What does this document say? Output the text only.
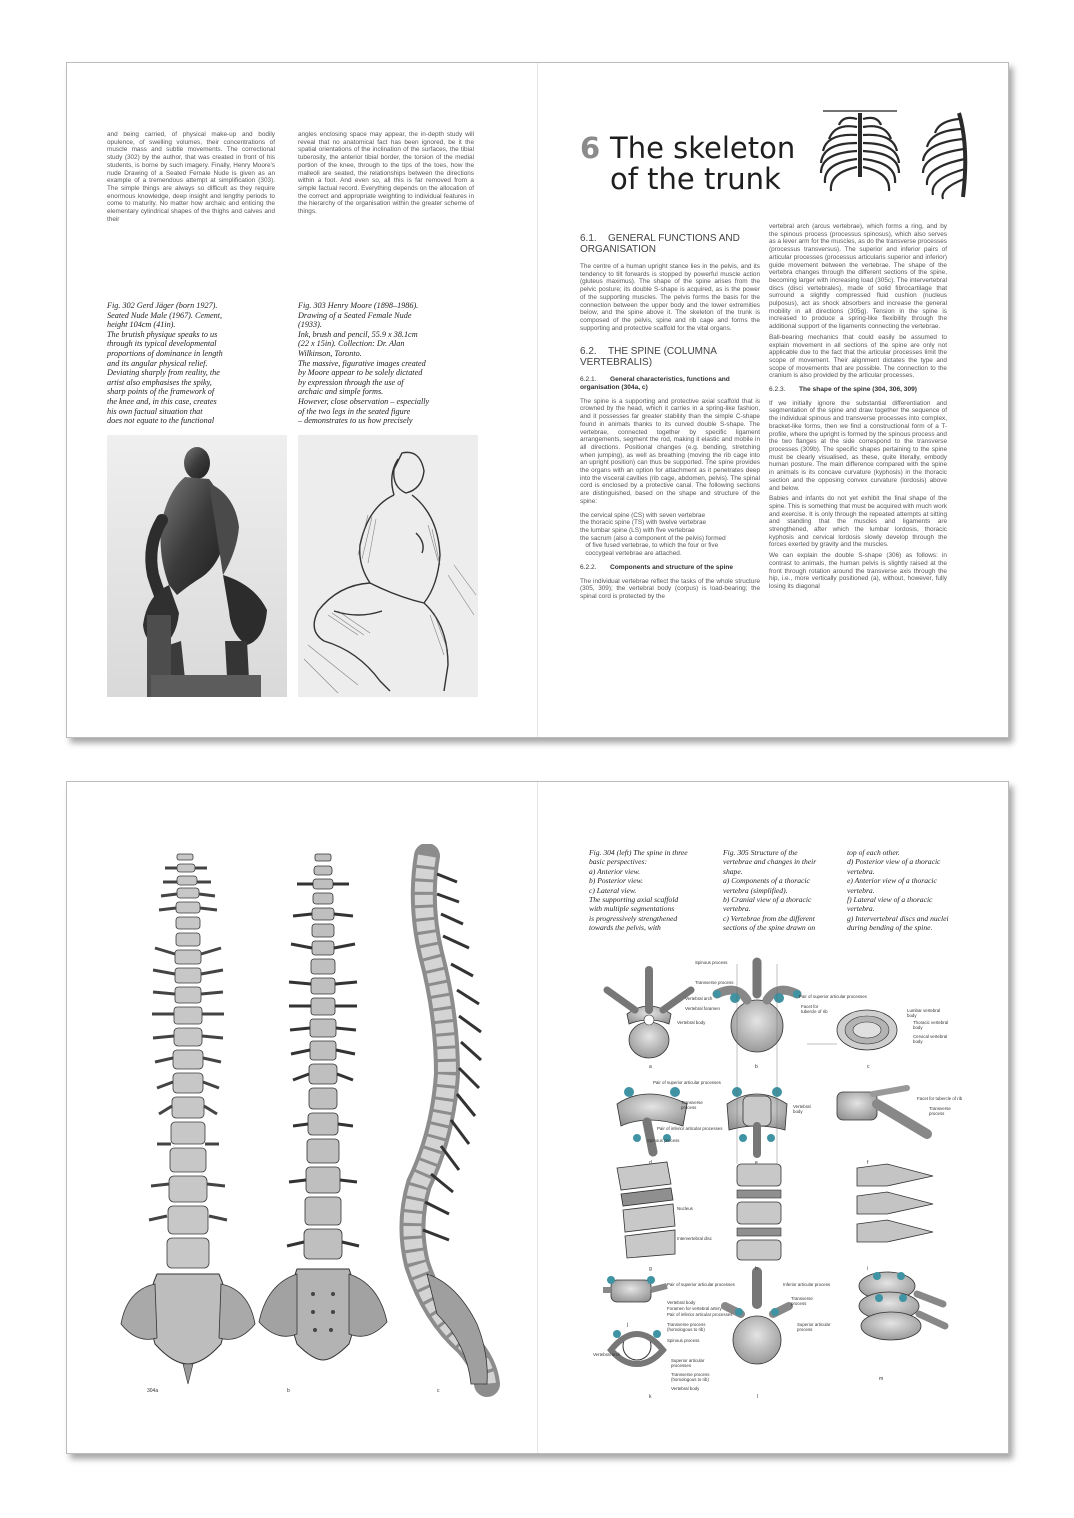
and being carried, of physical make-up and bodily opulence, of swelling volumes, their concentrations of muscle mass and subtle movements. The correctional study (302) by the author, that was created in front of his students, is borne by such imagery. Finally, Henry Moore's nude Drawing of a Seated Female Nude is given as an example of a tremendous attempt at simplification (303). The simple things are always so difficult as they require enormous knowledge, deep insight and lengthy periods to come to maturity. No matter how archaic and enticing the elementary cylindrical shapes of the thighs and calves and their

angles enclosing space may appear, the in-depth study will reveal that no anatomical fact has been ignored, be it the spatial orientations of the inclination of the surfaces, the tibial tuberosity, the anterior tibial border, the torsion of the medial portion of the knee, through to the tips of the toes, how the malleoli are seated, the relationships between the directions within a foot. And even so, all this is far removed from a simple factual record. Everything depends on the allocation of the correct and appropriate weighting to individual features in the hierarchy of the organisation within the greater scheme of things.

Fig. 302 Gerd Jäger (born 1927).
Seated Nude Male (1967). Cement,
height 104cm (41in).
The brutish physique speaks to us
through its typical developmental
proportions of dominance in length
and its angular physical relief.
Deviating sharply from reality, the
artist also emphasises the spiky,
sharp points of the framework of
the knee and, in this case, creates
his own factual situation that
does not equate to the functional
Fig. 303 Henry Moore (1898–1986).
Drawing of a Seated Female Nude
(1933).
Ink, brush and pencil, 55.9 x 38.1cm
(22 x 15in). Collection: Dr. Alan
Wilkinson, Toronto.
The massive, figurative images created
by Moore appear to be solely dictated
by expression through the use of
archaic and simple forms.
However, close observation – especially
of the two legs in the seated figure
– demonstrates to us how precisely
6 The skeleton
of the trunk
6.1. GENERAL FUNCTIONS AND ORGANISATION

The centre of a human upright stance lies in the pelvis, and its tendency to tilt forwards is stopped by powerful muscle action (gluteus maximus). The shape of the spine arises from the pelvic posture; its double S-shape is acquired, as is the power of the supporting muscles. The pelvis forms the basis for the connection between the upper body and the lower extremities below, and the spine above it. The skeleton of the trunk is composed of the pelvis, spine and rib cage and forms the supporting and protective scaffold for the vital organs.

6.2. THE SPINE (COLUMNA VERTEBRALIS)
6.2.1. General characteristics, functions and organisation (304a, c)

The spine is a supporting and protective axial scaffold that is crowned by the head, which it carries in a spring-like fashion, and it possesses far greater stability than the simple C-shape found in animals thanks to its curved double S-shape. The vertebrae, connected together by specific ligament arrangements, segment the rod, making it elastic and mobile in all directions. Positional changes (e.g. bending, stretching when jumping), as well as breathing (moving the rib cage into an upright position) can thus be supported. The spine provides the organs with an option for attachment as it penetrates deep into the visceral cavities (rib cage, abdomen, pelvis). The spinal cord is enclosed by a protective canal. The following sections are distinguished, based on the shape and structure of the spine:

the cervical spine (CS) with seven vertebrae

the thoracic spine (TS) with twelve vertebrae

the lumbar spine (LS) with five vertebrae

the sacrum (also a component of the pelvis) formed

of five fused vertebrae, to which the four or five

coccygeal vertebrae are attached.

6.2.2. Components and structure of the spine

The individual vertebrae reflect the tasks of the whole structure (305, 309); the vertebral body (corpus) is load-bearing; the spinal cord is protected by the

vertebral arch (arcus vertebrae), which forms a ring, and by the spinous process (processus spinosus), which also serves as a lever arm for the muscles, as do the transverse processes (processus transversus). The superior and inferior pairs of articular processes (processus articularis superior and inferior) guide movement between the vertebrae. The shape of the vertebra changes through the different sections of the spine, becoming larger with increasing load (305c). The intervertebral discs (disci vertebrales), made of solid fibrocartilage that surround a slightly compressed fluid cushion (nucleus pulposus), act as shock absorbers and increase the general mobility in all directions (305g). Tension in the spine is increased to produce a spring-like flexibility through the additional support of the ligaments connecting the vertebrae.

Ball-bearing mechanics that could easily be assumed to explain movement in all sections of the spine are only not applicable due to the fact that the articular processes limit the scope of movement. Their alignment dictates the type and scope of movements that are possible. The connection to the cranium is also provided by the articular processes.

6.2.3. The shape of the spine (304, 306, 309)

If we initially ignore the substantial differentiation and segmentation of the spine and draw together the sequence of the individual spinous and transverse processes into complex, bracket-like forms, then we find a constructional form of a T-profile, where the upright is formed by the spinous process and the two flanges at the side correspond to the transverse processes (309b). The specific shapes pertaining to the spine must be clearly visualised, as these, quite literally, embody human posture. The main difference compared with the spine in animals is its concave curvature (kyphosis) in the thoracic section and the opposing convex curvature (lordosis) above and below.

Babies and infants do not yet exhibit the final shape of the spine. This is something that must be acquired with much work and exercise. It is only through the repeated attempts at sitting and standing that the muscles and ligaments are strengthened, after which the lumbar lordosis, thoracic kyphosis and cervical lordosis slowly develop through the forces exerted by gravity and the muscles.

We can explain the double S-shape (306) as follows: in contrast to animals, the human pelvis is slightly raised at the front through rotation around the transverse axis through the hip, i.e., more vertically positioned (a), without, however, fully losing its diagonal

304a	b	c
Fig. 304 (left) The spine in three
basic perspectives:
a) Anterior view.
b) Posterior view.
c) Lateral view.
The supporting axial scaffold
with multiple segmentations
is progressively strengthened
towards the pelvis, with
Fig. 305 Structure of the
vertebrae and changes in their
shape.
a) Components of a thoracic
vertebra (simplified).
b) Cranial view of a thoracic
vertebra.
c) Vertebrae from the different
sections of the spine drawn on
top of each other.
d) Posterior view of a thoracic
vertebra.
e) Anterior view of a thoracic
vertebra.
f) Lateral view of a thoracic
vertebra.
g) Intervertebral discs and nuclei
during bending of the spine.
a	b	c
d	e	f
g	h	i
j
k	l
m
Spinous process
Transverse process
Vertebral arch
Vertebral foramen
Vertebral body
Pair of superior articular processes
Facet for tubercle of rib	Lumbar vertebral body
Thoracic vertebral body
Cervical vertebral body
Pair of superior articular processes
Transverse process	Vertebral body
Pair of inferior articular processes
Spinous process
Facet for tubercle of rib
Transverse process
Nucleus
Intervertebral disc
Pair of superior articular processes
Vertebral body
Foramen for vertebral artery
Pair of inferior articular processes
Transverse process (homologous to rib)
Spinous process
Vertebral arch
Superior articular processes
Transverse process (homologous to rib)
Vertebral body
Inferior articular process
Transverse process
Superior articular process
